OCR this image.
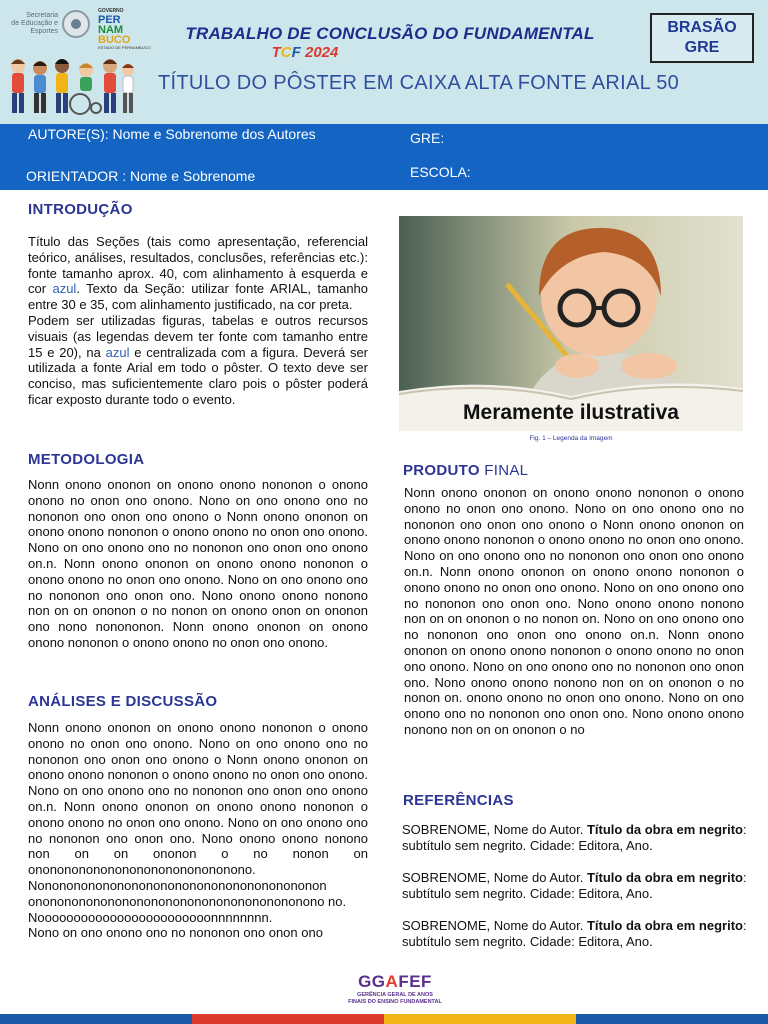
Secretaria
de Educação e
Esportes
GOVERNO
PER
NAM
BUCO
ESTADO DE PERNAMBUCO
TRABALHO DE CONCLUSÃO DO FUNDAMENTAL
TCF 2024
TÍTULO DO PÔSTER EM CAIXA ALTA FONTE ARIAL 50
BRASÃO
GRE
AUTORE(S): Nome e Sobrenome dos Autores
ORIENTADOR : Nome e Sobrenome
GRE:
ESCOLA:
INTRODUÇÃO
Título das Seções (tais como apresentação, referencial teórico, análises, resultados, conclusões, referências etc.): fonte tamanho aprox. 40, com alinhamento à esquerda e cor azul. Texto da Seção: utilizar fonte ARIAL, tamanho entre 30 e 35, com alinhamento justificado, na cor preta.
Podem ser utilizadas figuras, tabelas e outros recursos visuais (as legendas devem ter fonte com tamanho entre 15 e 20), na azul e centralizada com a figura. Deverá ser utilizada a fonte Arial em todo o pôster. O texto deve ser conciso, mas suficientemente claro pois o pôster poderá ficar exposto durante todo o evento.
METODOLOGIA
Nonn onono ononon on onono onono nononon o onono onono no onon ono onono. Nono on ono onono ono no nononon ono onon ono onono o Nonn onono ononon on onono onono nononon o onono onono no onon ono onono. Nono on ono onono ono no nononon ono onon ono onono on.n. Nonn onono ononon on onono onono nononon o onono onono no onon ono onono. Nono on ono onono ono no nononon ono onon ono. Nono onono onono nonono non on on ononon o no nonon on onono onon on ononon ono nono nonononon. Nonn onono ononon on onono onono nononon o onono onono no onon ono onono.
ANÁLISES E DISCUSSÃO
Nonn onono ononon on onono onono nononon o onono onono no onon ono onono. Nono on ono onono ono no nononon ono onon ono onono o Nonn onono ononon on onono onono nononon o onono onono no onon ono onono. Nono on ono onono ono no nononon ono onon ono onono on.n. Nonn onono ononon on onono onono nononon o onono onono no onon ono onono. Nono on ono onono ono no nononon ono onon ono. Nono onono onono nonono non on on ononon o no nonon on ononononononononononononononono.
Nonononononononononononononononononononon onononononononononononononononononononono no. Noooooooooooooooooooooooonnnnnnnn.
Nono on ono onono ono no nononon ono onon ono
Meramente ilustrativa
Fig. 1 – Legenda da Imagem
PRODUTO FINAL
Nonn onono ononon on onono onono nononon o onono onono no onon ono onono. Nono on ono onono ono no nononon ono onon ono onono o Nonn onono ononon on onono onono nononon o onono onono no onon ono onono. Nono on ono onono ono no nononon ono onon ono onono on.n. Nonn onono ononon on onono onono nononon o onono onono no onon ono onono. Nono on ono onono ono no nononon ono onon ono. Nono onono onono nonono non on on ononon o no nonon on. Nono on ono onono ono no nononon ono onon ono onono on.n. Nonn onono ononon on onono onono nononon o onono onono no onon ono onono. Nono on ono onono ono no nononon ono onon ono. Nono onono onono nonono non on on ononon o no nonon on. onono onono no onon ono onono. Nono on ono onono ono no nononon ono onon ono. Nono onono onono nonono non on on ononon o no
REFERÊNCIAS
SOBRENOME, Nome do Autor. Título da obra em negrito: subtítulo sem negrito. Cidade: Editora, Ano.
SOBRENOME, Nome do Autor. Título da obra em negrito: subtítulo sem negrito. Cidade: Editora, Ano.
SOBRENOME, Nome do Autor. Título da obra em negrito: subtítulo sem negrito. Cidade: Editora, Ano.
GGAFEF
GERÊNCIA GERAL DE ANOS
FINAIS DO ENSINO FUNDAMENTAL
